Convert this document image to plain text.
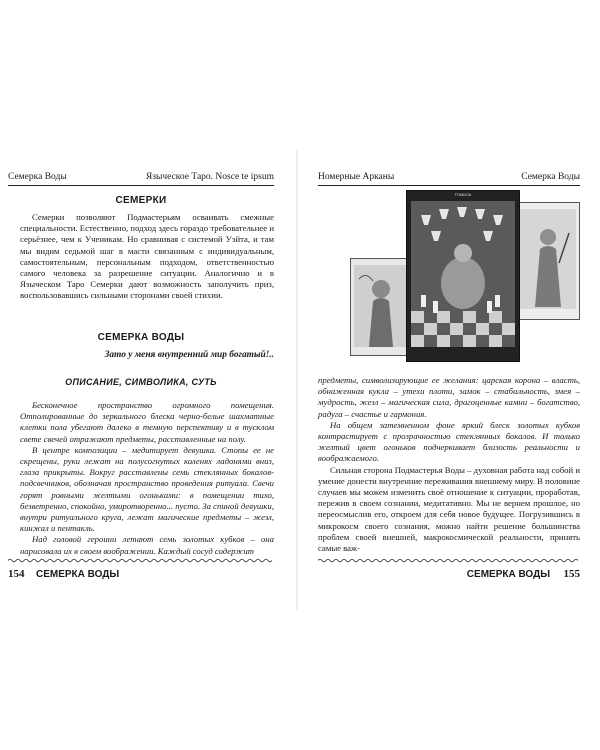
Семерка Воды	Языческое Таро. Nosce te ipsum
СЕМЕРКИ

Семерки позволяют Подмастерьям осваивать смежные специальности. Естественно, подход здесь гораздо требовательнее и серьёзнее, чем к Ученикам. Но сравнивая с системой Уэйта, и там мы видим седьмой шаг в масти связанным с индивидуальным, самостоятельным, персональным подходом, ответственностью самого человека за разрешение ситуации. Аналогично и в Языческом Таро Семерки дают возможность заполучить приз, воспользовавшись сильными сторонами своей стихии.

СЕМЕРКА ВОДЫ

Зато у меня внутренний мир богатый!..

ОПИСАНИЕ, СИМВОЛИКА, СУТЬ

Бесконечное пространство огромного помещения. Отполированные до зеркального блеска черно-белые шахматные клетки пола убегают далеко в темную перспективу и в тусклом свете свечей отражают предметы, расставленные на полу.

В центре композиции – медитирует девушка. Стопы ее не скрещены, руки лежат на полусогнутых коленях ладонями вниз, глаза прикрыты. Вокруг расставлены семь стеклянных бокалов-подсвечников, обозначая пространство проведения ритуала. Свечи горят ровными желтыми огоньками: в помещении тихо, безветренно, спокойно, умиротворенно... пусто. За спиной девушки, внутри ритуального круга, лежат магические предметы – жезл, кинжал и пентакль.

Над головой героини летают семь золотых кубков – она нарисовала их в своем воображении. Каждый сосуд содержит

154 СЕМЕРКА ВОДЫ
Номерные Арканы	Семерка Воды
ТОМИЛА

предметы, символизирующие ее желания: царская корона – власть, обнаженная кукла – утехи плоти, замок – стабильность, змея – мудрость, жезл – магическая сила, драгоценные камни – богатство, радуга – счастье и гармония.

На общем затемненном фоне яркий блеск золотых кубков контрастирует с прозрачностью стеклянных бокалов. И только желтый цвет огоньков подчеркивает близость реальности и воображаемого.

Сильная сторона Подмастерья Воды – духовная работа над собой и умение донести внутренние переживания внешнему миру. В половине случаев мы можем изменить своё отношение к ситуации, проработав, пережив в своем сознании, медитативно. Мы не вернем прошлое, но переосмыслив его, откроем для себя новое будущее. Погрузившись в микрокосм своего сознания, можно найти решение большинства проблем своей внешней, макрокосмической реальности, принять самые важ-

СЕМЕРКА ВОДЫ 155
